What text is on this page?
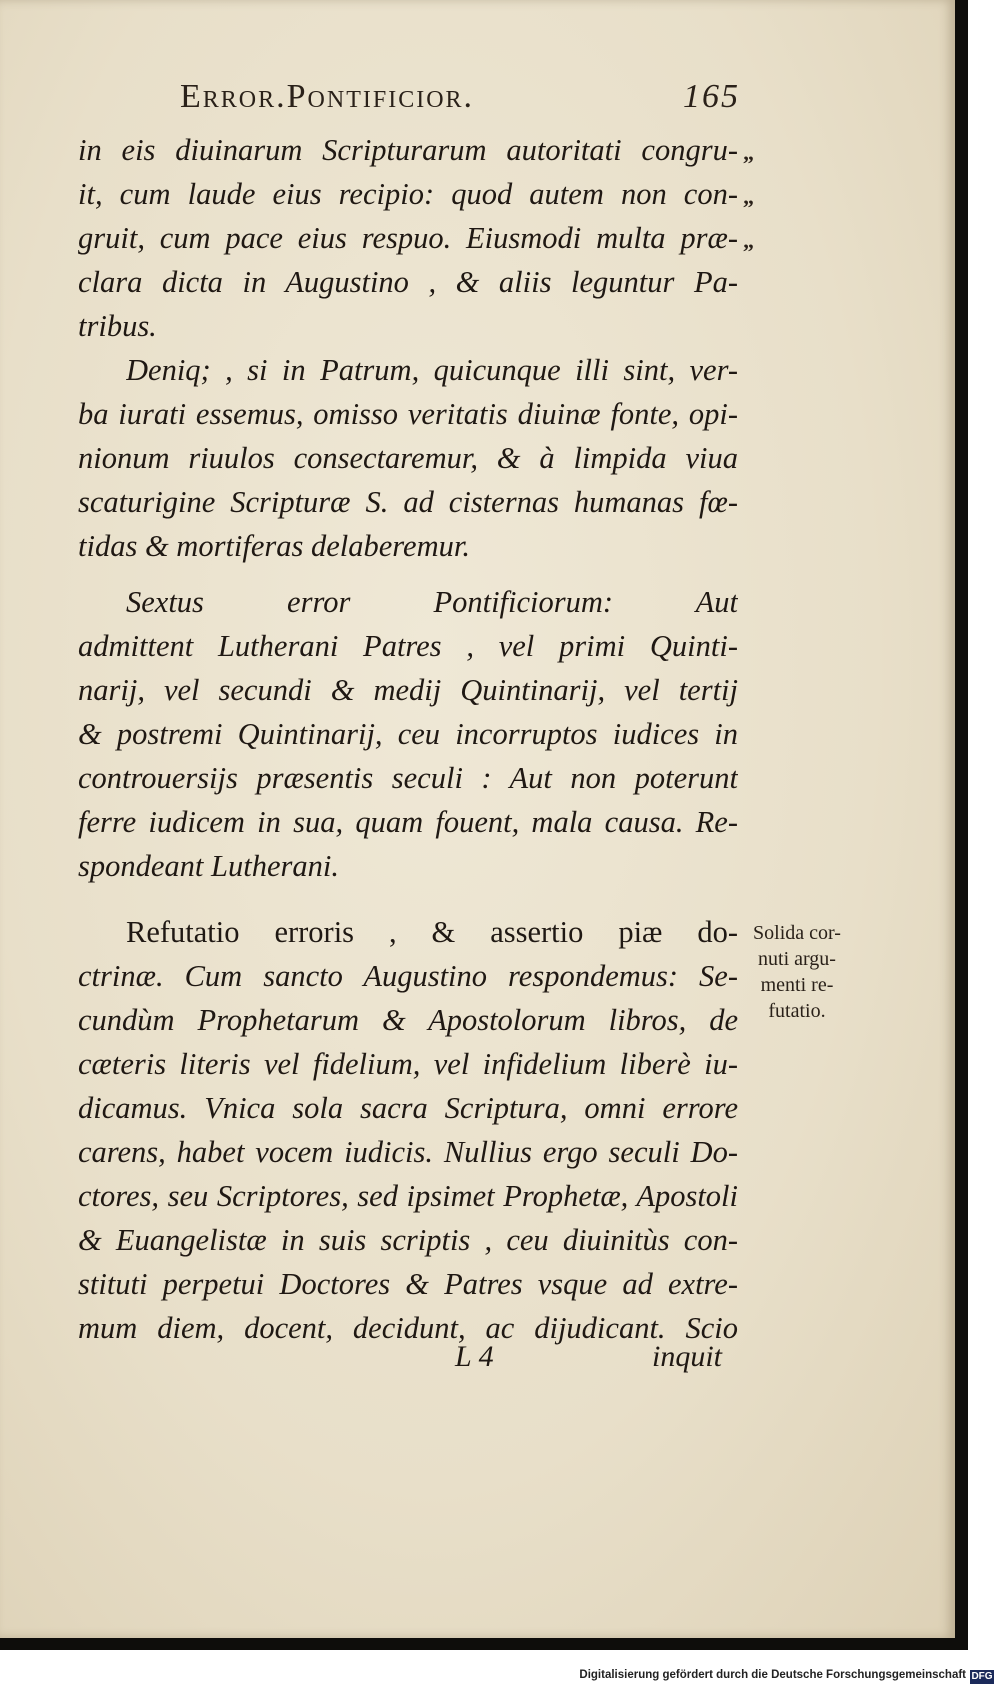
Error.Pontificior.	165
in eis diuinarum Scripturarum autoritati congru-
it, cum laude eius recipio: quod autem non con-
gruit, cum pace eius respuo. Eiusmodi multa præ-
clara dicta in Augustino , & aliis leguntur Pa-
tribus.
Deniq; , si in Patrum, quicunque illi sint, ver-
ba iurati essemus, omisso veritatis diuinæ fonte, opi-
nionum riuulos consectaremur, & à limpida viua
scaturigine Scripturæ S. ad cisternas humanas fœ-
tidas & mortiferas delaberemur.
Sextus error Pontificiorum: Aut
admittent Lutherani Patres , vel primi Quinti-
narij, vel secundi & medij Quintinarij, vel tertij
& postremi Quintinarij, ceu incorruptos iudices in
controuersijs præsentis seculi : Aut non poterunt
ferre iudicem in sua, quam fouent, mala causa. Re-
spondeant Lutherani.
Refutatio erroris , & assertio piæ do-
ctrinæ. Cum sancto Augustino respondemus: Se-
cundùm Prophetarum & Apostolorum libros, de
cæteris literis vel fidelium, vel infidelium liberè iu-
dicamus. Vnica sola sacra Scriptura, omni errore
carens, habet vocem iudicis. Nullius ergo seculi Do-
ctores, seu Scriptores, sed ipsimet Prophetæ, Apostoli
& Euangelistæ in suis scriptis , ceu diuinitùs con-
stituti perpetui Doctores & Patres vsque ad extre-
mum diem, docent, decidunt, ac dijudicant. Scio
„
„
„
Solida cor-
nuti argu-
menti re-
futatio.
L 4	inquit
Digitalisierung gefördert durch die Deutsche Forschungsgemeinschaft DFG
